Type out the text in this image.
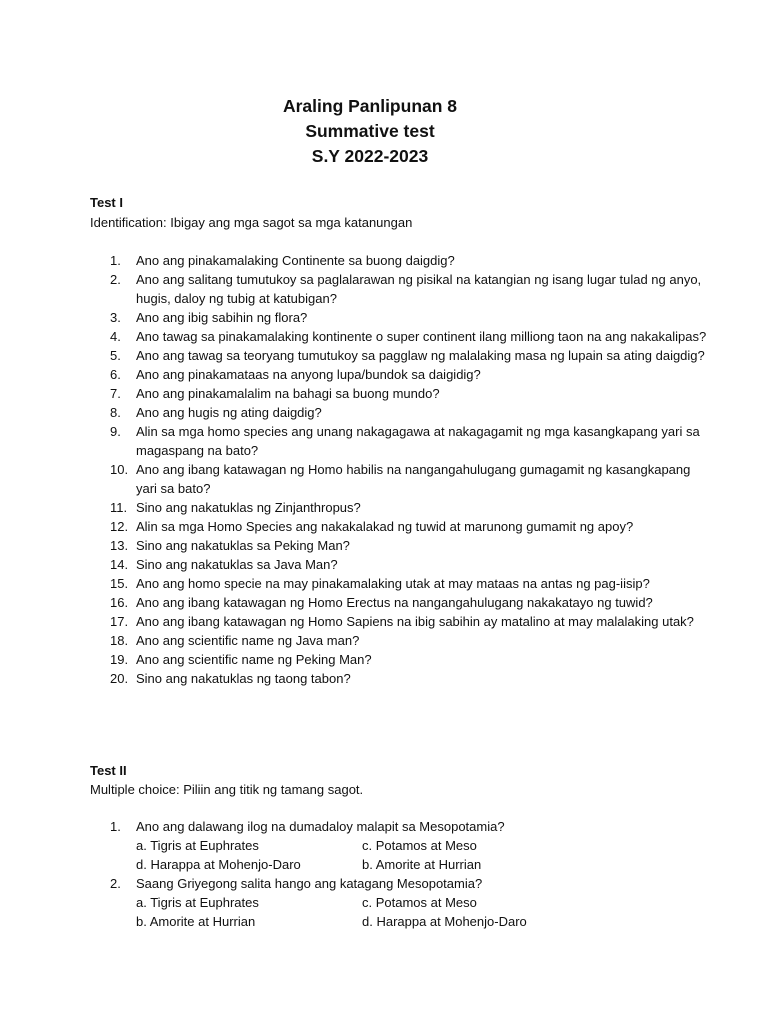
Araling Panlipunan 8
Summative test
S.Y 2022-2023
Test I
Identification: Ibigay ang mga sagot sa mga katanungan
1.	Ano ang pinakamalaking Continente sa buong daigdig?
2.	Ano ang salitang tumutukoy sa paglalarawan ng pisikal na katangian ng isang lugar tulad ng anyo, hugis, daloy ng tubig at katubigan?
3.	Ano ang ibig sabihin ng flora?
4.	Ano tawag sa pinakamalaking kontinente o super continent ilang milliong taon na ang nakakalipas?
5.	Ano ang tawag sa teoryang tumutukoy sa pagglaw ng malalaking masa ng lupain sa ating daigdig?
6.	Ano ang pinakamataas na anyong lupa/bundok sa daigidig?
7.	Ano ang pinakamalalim na bahagi sa buong mundo?
8.	Ano ang hugis ng ating daigdig?
9.	Alin sa mga homo species ang unang nakagagawa at nakagagamit ng mga kasangkapang yari sa magaspang na bato?
10. Ano ang ibang katawagan ng Homo habilis na nangangahulugang gumagamit ng kasangkapang yari sa bato?
11. Sino ang nakatuklas ng Zinjanthropus?
12. Alin sa mga Homo Species ang nakakalakad ng tuwid at marunong gumamit ng apoy?
13. Sino ang nakatuklas sa Peking Man?
14. Sino ang nakatuklas sa Java Man?
15. Ano ang homo specie na may pinakamalaking utak at may mataas na antas ng pag-iisip?
16. Ano ang ibang katawagan ng Homo Erectus na nangangahulugang nakakatayo ng tuwid?
17. Ano ang ibang katawagan ng Homo Sapiens na ibig sabihin ay matalino at may malalaking utak?
18. Ano ang scientific name ng Java man?
19. Ano ang scientific name ng Peking Man?
20. Sino ang nakatuklas ng taong tabon?
Test II
Multiple choice: Piliin ang titik ng tamang sagot.
1.	Ano ang dalawang ilog na dumadaloy malapit sa Mesopotamia?
a. Tigris at Euphrates	c. Potamos at Meso
d. Harappa at Mohenjo-Daro	b. Amorite at Hurrian
2.	Saang Griyegong salita hango ang katagang Mesopotamia?
a. Tigris at Euphrates	c. Potamos at Meso
b. Amorite at Hurrian	d. Harappa at Mohenjo-Daro
